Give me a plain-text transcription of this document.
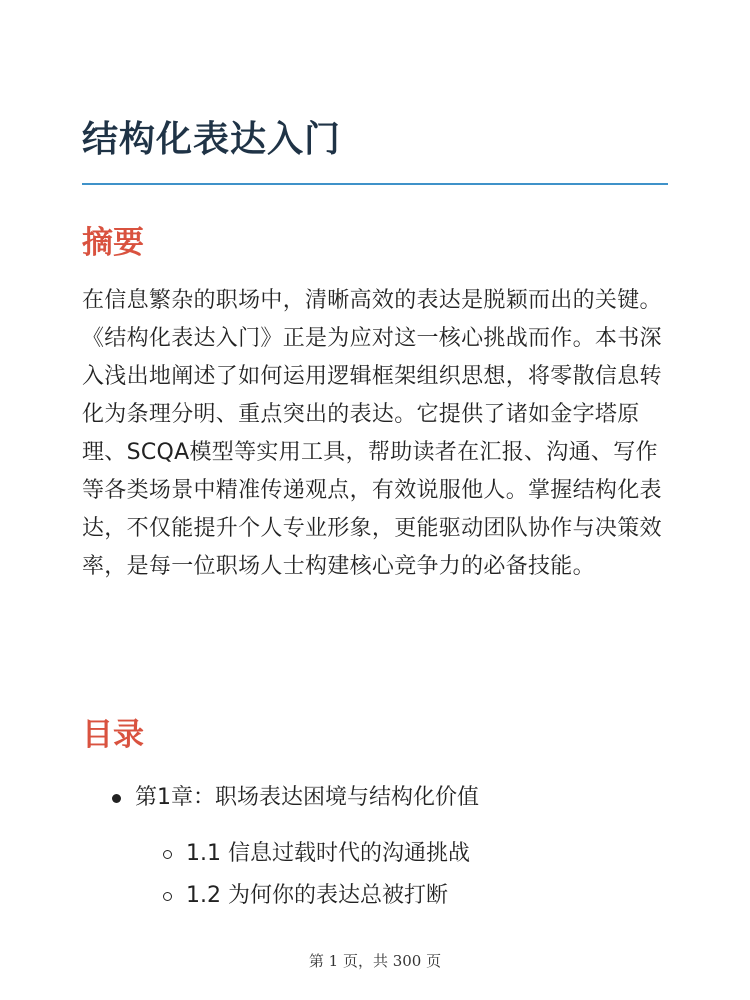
结构化表达入门
摘要

在信息繁杂的职场中，清晰高效的表达是脱颖而出的关键。《结构化表达入门》正是为应对这一核心挑战而作。本书深入浅出地阐述了如何运用逻辑框架组织思想，将零散信息转化为条理分明、重点突出的表达。它提供了诸如金字塔原理、SCQA模型等实用工具，帮助读者在汇报、沟通、写作等各类场景中精准传递观点，有效说服他人。掌握结构化表达，不仅能提升个人专业形象，更能驱动团队协作与决策效率，是每一位职场人士构建核心竞争力的必备技能。

目录
第1章：职场表达困境与结构化价值
1.1 信息过载时代的沟通挑战
1.2 为何你的表达总被打断
第 1 页，共 300 页
